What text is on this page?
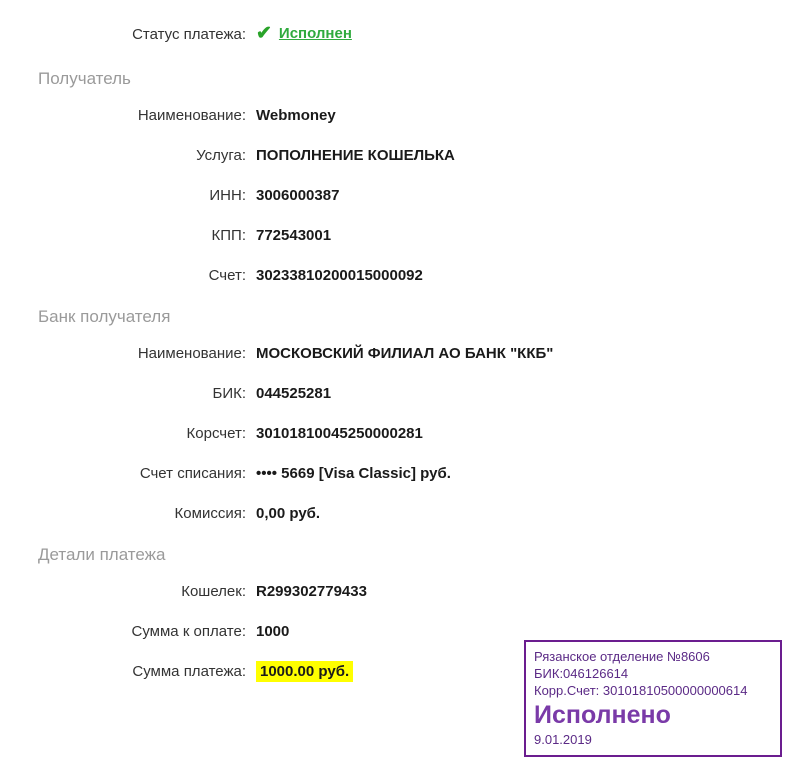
Статус платежа: ✔ Исполнен
Получатель
Наименование: Webmoney
Услуга: ПОПОЛНЕНИЕ КОШЕЛЬКА
ИНН: 3006000387
КПП: 772543001
Счет: 30233810200015000092
Банк получателя
Наименование: МОСКОВСКИЙ ФИЛИАЛ АО БАНК "ККБ"
БИК: 044525281
Корсчет: 30101810045250000281
Счет списания: •••• 5669 [Visa Classic] руб.
Комиссия: 0,00 руб.
Детали платежа
Кошелек: R299302779433
Сумма к оплате: 1000
Сумма платежа: 1000.00 руб.
Рязанское отделение №8606
БИК:046126614
Корр.Счет: 30101810500000000614
Исполнено
9.01.2019
